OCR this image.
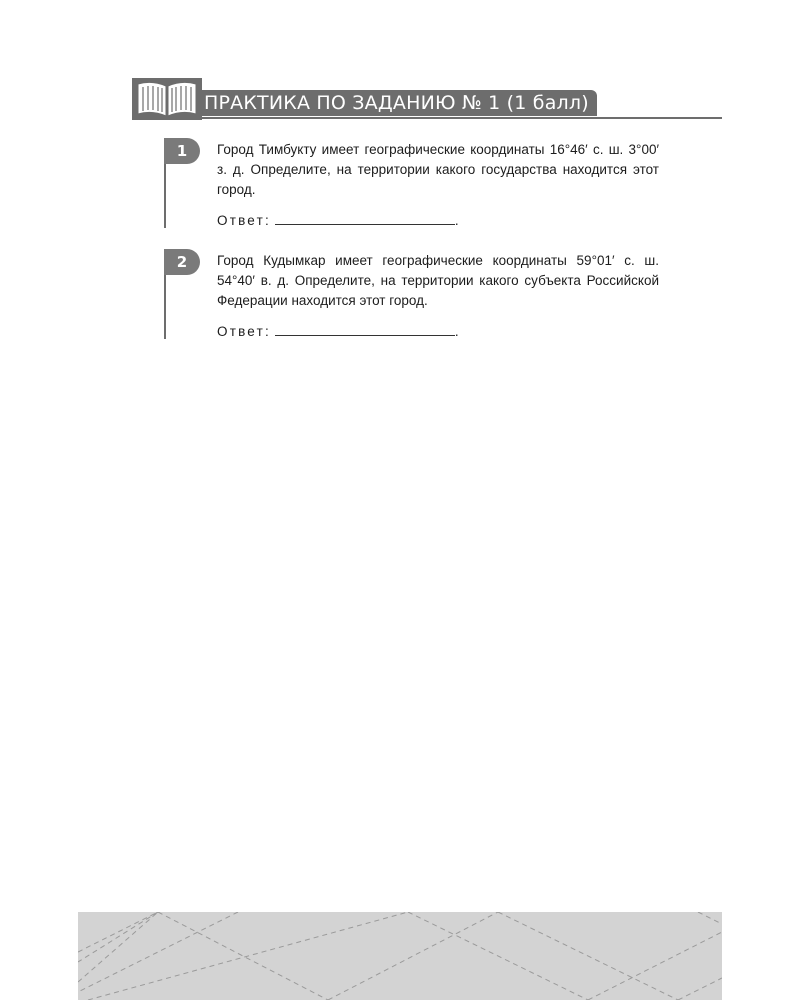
ПРАКТИКА ПО ЗАДАНИЮ № 1 (1 балл)
1	Город Тимбукту имеет географические координаты 16°46′ с. ш. 3°00′ з. д. Определите, на территории какого государства находится этот город.
Ответ:	.
2	Город Кудымкар имеет географические координаты 59°01′ с. ш. 54°40′ в. д. Определите, на территории какого субъекта Российской Федерации находится этот город.
Ответ:	.
